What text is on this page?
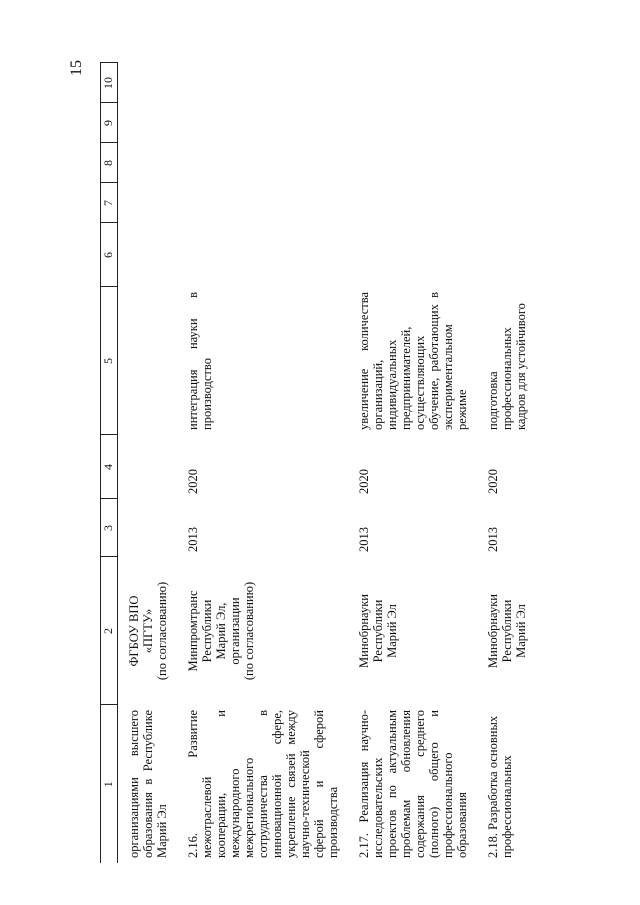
15
1	2	3	4	5	6	7	8	9	10
организациями высшего образования в Республике Марий Эл	ФГБОУ ВПО «ПГТУ» (по согласованию)								

2.16. Развитие межотраслевой кооперации, и международного межрегионального сотрудничества в инновационной сфере, укрепление связей между научно-технической сферой и сферой производства	Минпромтранс Республики Марий Эл, организации (по согласованию)	2013	2020	интеграция науки в производство					
2.17. Реализация научно-исследовательских проектов по актуальным проблемам обновления содержания среднего (полного) общего и профессионального образования	Минобрнауки Республики Марий Эл	2013	2020	увеличение количества организаций, индивидуальных предпринимателей, осуществляющих обучение, работающих в экспериментальном режиме					
2.18. Разработка основных профессиональных	Минобрнауки Республики Марий Эл	2013	2020	подготовка профессиональных кадров для устойчивого					
